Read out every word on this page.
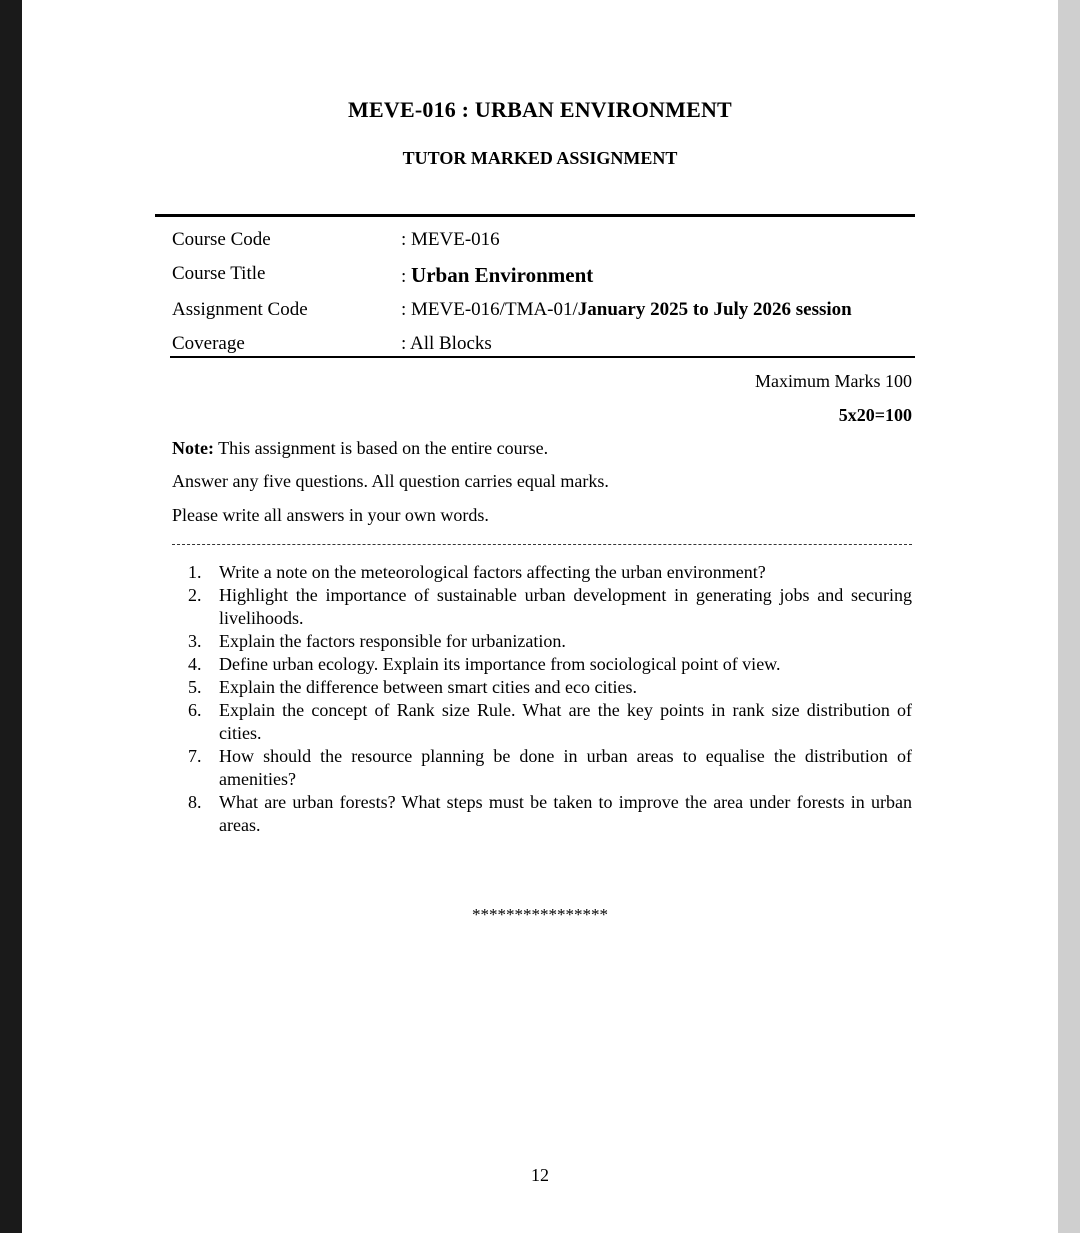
MEVE-016 : URBAN ENVIRONMENT
TUTOR MARKED ASSIGNMENT
Course Code	: MEVE-016
Course Title	: Urban Environment
Assignment Code	: MEVE-016/TMA-01/January 2025 to July 2026 session
Coverage	: All Blocks
Maximum Marks 100
5x20=100
Note: This assignment is based on the entire course.
Answer any five questions. All question carries equal marks.
Please write all answers in your own words.
1. Write a note on the meteorological factors affecting the urban environment?
2. Highlight the importance of sustainable urban development in generating jobs and securing livelihoods.
3. Explain the factors responsible for urbanization.
4. Define urban ecology. Explain its importance from sociological point of view.
5. Explain the difference between smart cities and eco cities.
6. Explain the concept of Rank size Rule. What are the key points in rank size distribution of cities.
7. How should the resource planning be done in urban areas to equalise the distribution of amenities?
8. What are urban forests? What steps must be taken to improve the area under forests in urban areas.
****************
12
